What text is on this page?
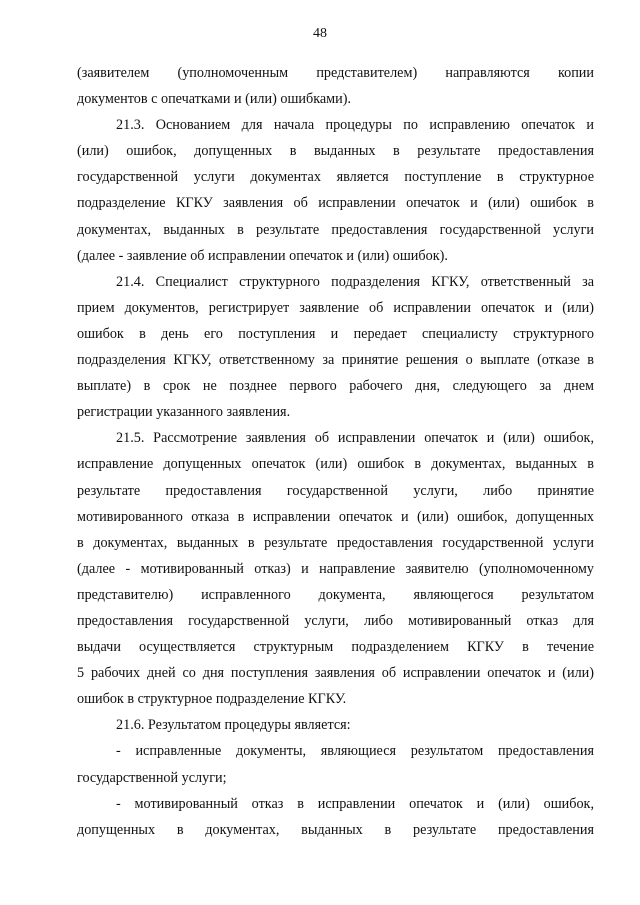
48

(заявителем (уполномоченным представителем) направляются копии
документов с опечатками и (или) ошибками).

21.3. Основанием для начала процедуры по исправлению опечаток и
(или) ошибок, допущенных в выданных в результате предоставления
государственной услуги документах является поступление в структурное
подразделение КГКУ заявления об исправлении опечаток и (или) ошибок в
документах, выданных в результате предоставления государственной услуги
(далее - заявление об исправлении опечаток и (или) ошибок).

21.4. Специалист структурного подразделения КГКУ, ответственный за
прием документов, регистрирует заявление об исправлении опечаток и (или)
ошибок в день его поступления и передает специалисту структурного
подразделения КГКУ, ответственному за принятие решения о выплате (отказе в
выплате) в срок не позднее первого рабочего дня, следующего за днем
регистрации указанного заявления.

21.5. Рассмотрение заявления об исправлении опечаток и (или) ошибок,
исправление допущенных опечаток (или) ошибок в документах, выданных в
результате предоставления государственной услуги, либо принятие
мотивированного отказа в исправлении опечаток и (или) ошибок, допущенных
в документах, выданных в результате предоставления государственной услуги
(далее - мотивированный отказ) и направление заявителю (уполномоченному
представителю) исправленного документа, являющегося результатом
предоставления государственной услуги, либо мотивированный отказ для
выдачи осуществляется структурным подразделением КГКУ в течение
5 рабочих дней со дня поступления заявления об исправлении опечаток и (или)
ошибок в структурное подразделение КГКУ.

21.6. Результатом процедуры является:

- исправленные документы, являющиеся результатом предоставления
государственной услуги;

- мотивированный отказ в исправлении опечаток и (или) ошибок,
допущенных в документах, выданных в результате предоставления
